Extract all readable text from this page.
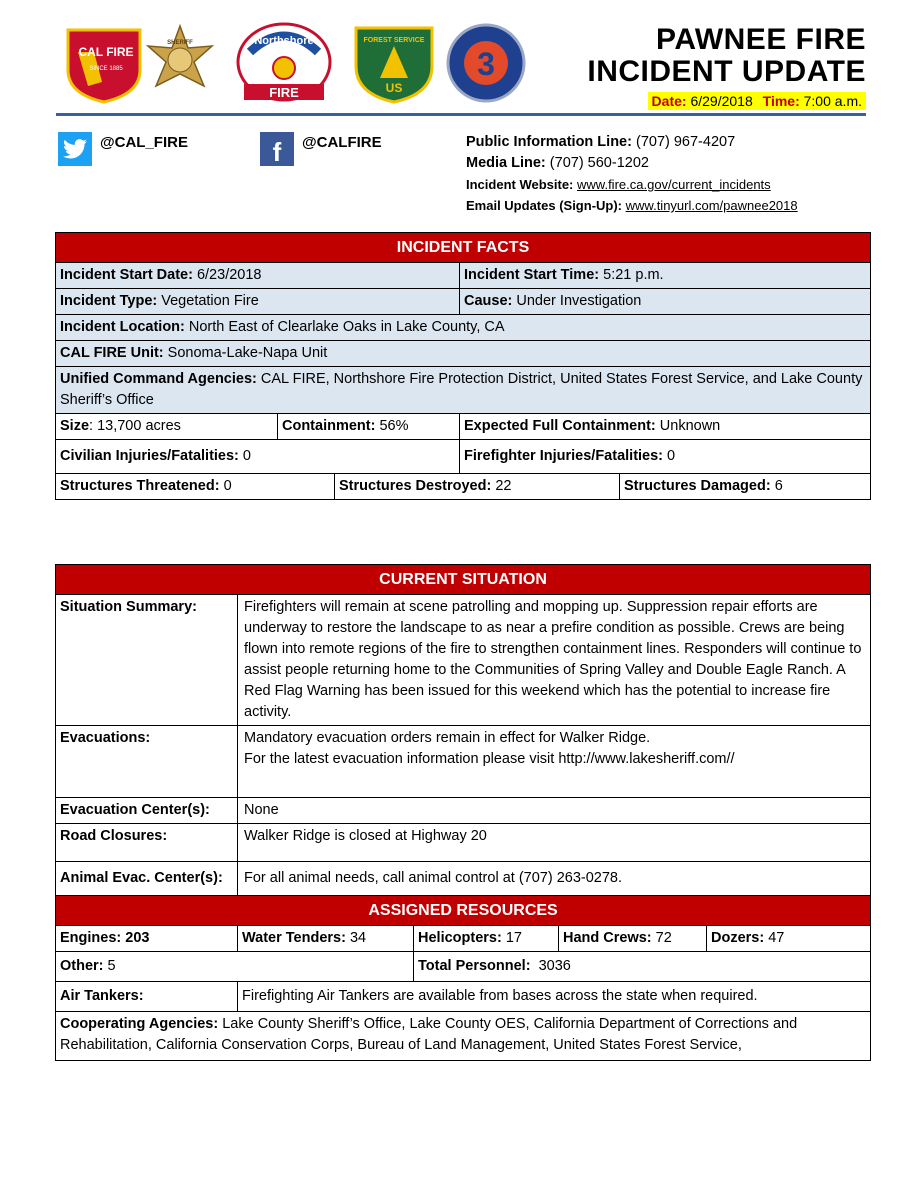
CAL FIRE
SINCE 1885
SHERIFF	Northshore
FIRE
FOREST SERVICE
US
3
PAWNEE FIRE
INCIDENT UPDATE
Date: 6/29/2018 Time: 7:00 a.m.
@CAL_FIRE	f @CALFIRE	Public Information Line: (707) 967-4207
Media Line: (707) 560-1202
Incident Website: www.fire.ca.gov/current_incidents
Email Updates (Sign-Up): www.tinyurl.com/pawnee2018
INCIDENT FACTS				
Incident Start Date: 6/23/2018			Incident Start Time: 5:21 p.m.	
Incident Type: Vegetation Fire			Cause: Under Investigation	
Incident Location: North East of Clearlake Oaks in Lake County, CA				
CAL FIRE Unit: Sonoma-Lake-Napa Unit				
Unified Command Agencies: CAL FIRE, Northshore Fire Protection District, United States Forest Service, and Lake County Sheriff’s Office				
Size: 13,700 acres	Containment: 56%		Expected Full Containment: Unknown	
Civilian Injuries/Fatalities: 0			Firefighter Injuries/Fatalities: 0	
Structures Threatened: 0		Structures Destroyed: 22		Structures Damaged: 6
CURRENT SITUATION				
Situation Summary:	Firefighters will remain at scene patrolling and mopping up. Suppression repair efforts are underway to restore the landscape to as near a prefire condition as possible. Crews are being flown into remote regions of the fire to strengthen containment lines. Responders will continue to assist people returning home to the Communities of Spring Valley and Double Eagle Ranch. A Red Flag Warning has been issued for this weekend which has the potential to increase fire activity.			
Evacuations:	Mandatory evacuation orders remain in effect for Walker Ridge.
For the latest evacuation information please visit http://www.lakesheriff.com//			

Evacuation Center(s):	None			
Road Closures:	Walker Ridge is closed at Highway 20			
Animal Evac. Center(s):	For all animal needs, call animal control at (707) 263-0278.			
ASSIGNED RESOURCES				
Engines: 203	Water Tenders: 34	Helicopters: 17	Hand Crews: 72	Dozers: 47
Other: 5		Total Personnel: 3036		
Air Tankers:	Firefighting Air Tankers are available from bases across the state when required.			
Cooperating Agencies: Lake County Sheriff’s Office, Lake County OES, California Department of Corrections and Rehabilitation, California Conservation Corps, Bureau of Land Management, United States Forest Service,				
